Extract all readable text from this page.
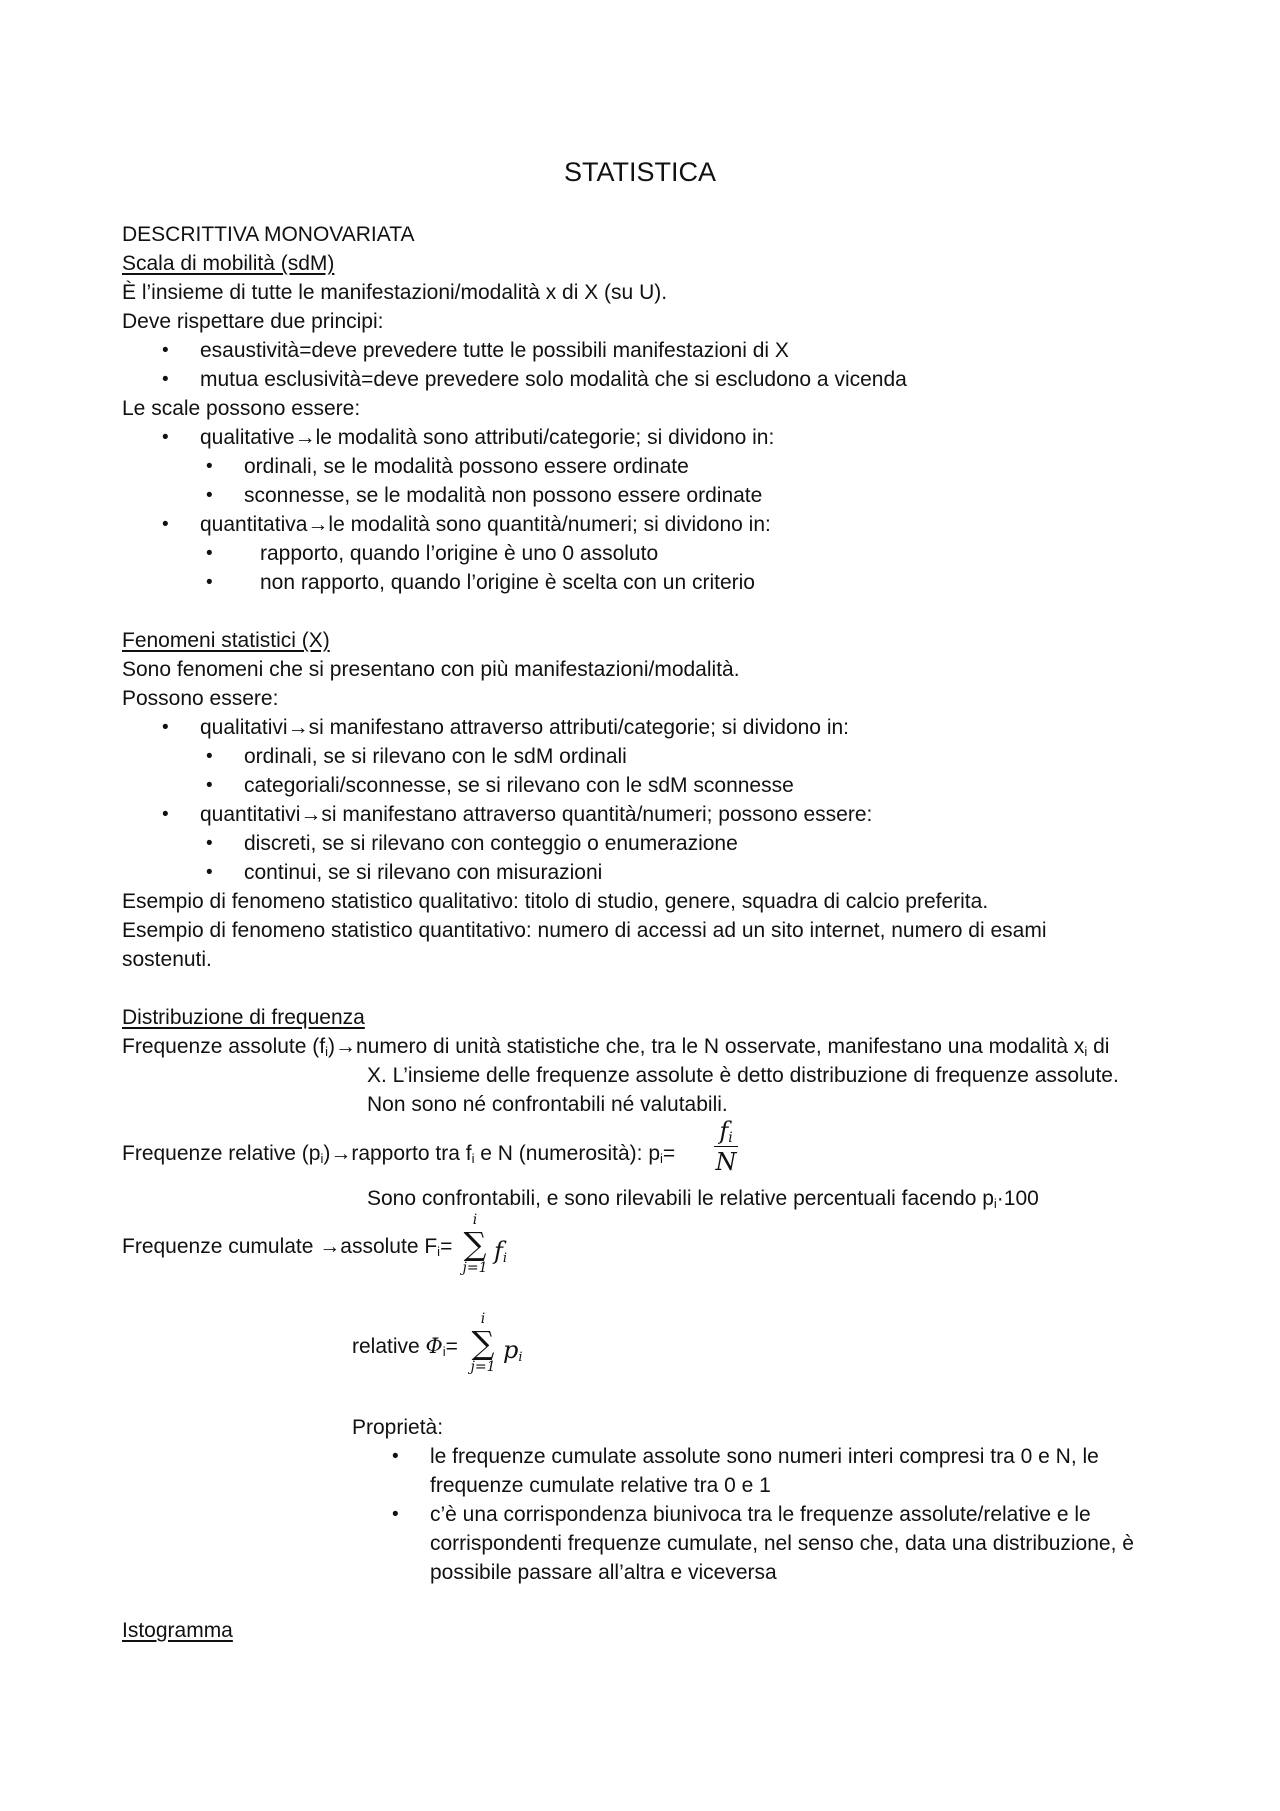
STATISTICA
DESCRITTIVA MONOVARIATA
Scala di mobilità (sdM)
È l’insieme di tutte le manifestazioni/modalità x di X (su U).
Deve rispettare due principi:
• esaustività=deve prevedere tutte le possibili manifestazioni di X
• mutua esclusività=deve prevedere solo modalità che si escludono a vicenda
Le scale possono essere:
• qualitative→le modalità sono attributi/categorie; si dividono in:
• ordinali, se le modalità possono essere ordinate
• sconnesse, se le modalità non possono essere ordinate
• quantitativa→le modalità sono quantità/numeri; si dividono in:
• rapporto, quando l’origine è uno 0 assoluto
• non rapporto, quando l’origine è scelta con un criterio
Fenomeni statistici (X)
Sono fenomeni che si presentano con più manifestazioni/modalità.
Possono essere:
• qualitativi→si manifestano attraverso attributi/categorie; si dividono in:
• ordinali, se si rilevano con le sdM ordinali
• categoriali/sconnesse, se si rilevano con le sdM sconnesse
• quantitativi→si manifestano attraverso quantità/numeri; possono essere:
• discreti, se si rilevano con conteggio o enumerazione
• continui, se si rilevano con misurazioni
Esempio di fenomeno statistico qualitativo: titolo di studio, genere, squadra di calcio preferita.
Esempio di fenomeno statistico quantitativo: numero di accessi ad un sito internet, numero di esami
sostenuti.
Distribuzione di frequenza
Frequenze assolute $(f_i)\to numero$ di unità statistiche che, tra le N osservate, manifestano una modalità $x_i$ di
X. L’insieme delle frequenze assolute è detto distribuzione di frequenze assolute.
Non sono né confrontabili né valutabili.
Frequenze relative $(p_i)\to rapporto$ tra $f_i$ e N (numerosità): $p_i=$
$f_i$
N
Sono confrontabili, e sono rilevabili le relative percentuali facendo $p_i\cdot 100$
Frequenze cumulate →assolute $F_i=$
i
∑
j=1
$f_i$
relative $\Phi_i=$
i
∑
j=1
$p_i$
Proprietà:
• le frequenze cumulate assolute sono numeri interi compresi tra 0 e N, le
frequenze cumulate relative tra 0 e 1
• c’è una corrispondenza biunivoca tra le frequenze assolute/relative e le
corrispondenti frequenze cumulate, nel senso che, data una distribuzione, è
possibile passare all’altra e viceversa
Istogramma
